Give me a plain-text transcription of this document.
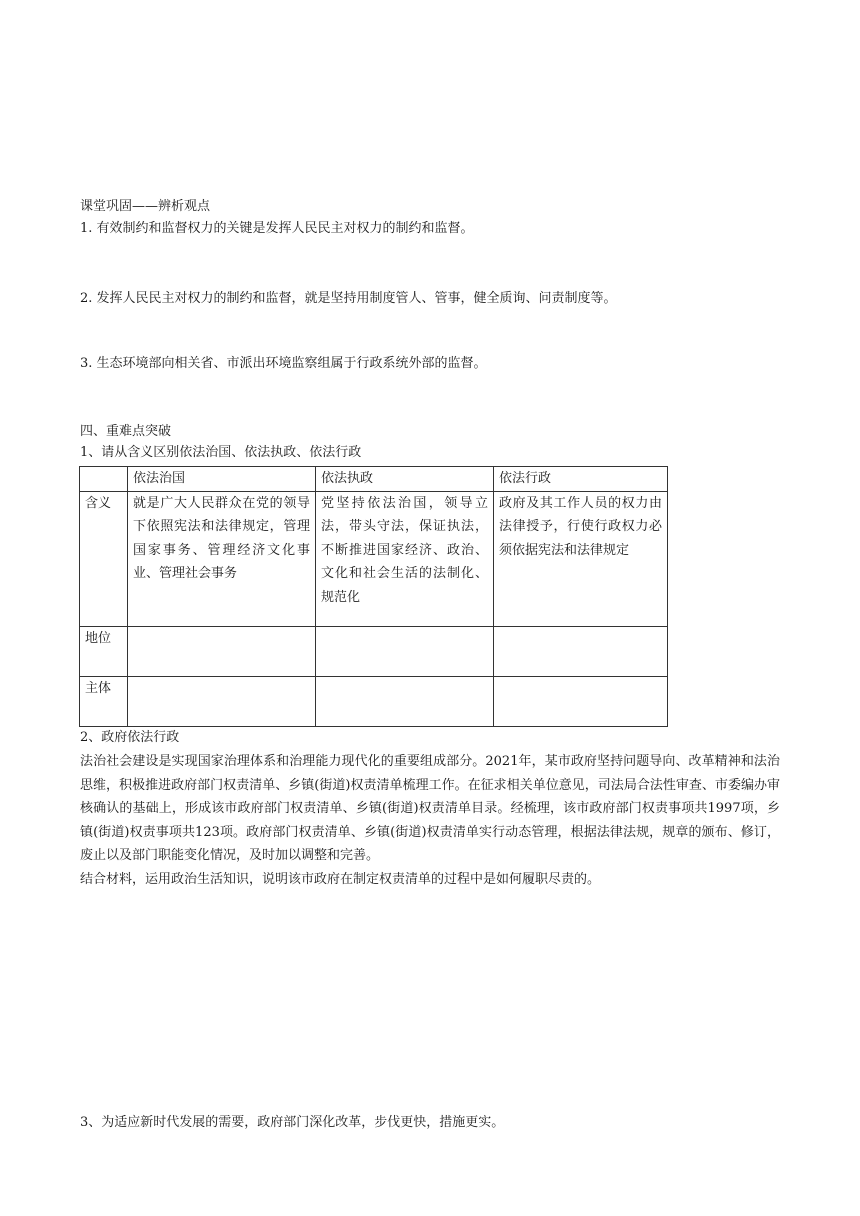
课堂巩固——辨析观点
1. 有效制约和监督权力的关键是发挥人民民主对权力的制约和监督。
2. 发挥人民民主对权力的制约和监督，就是坚持用制度管人、管事，健全质询、问责制度等。
3. 生态环境部向相关省、市派出环境监察组属于行政系统外部的监督。
四、重难点突破
1、请从含义区别依法治国、依法执政、依法行政
	依法治国	依法执政	依法行政
含义	就是广大人民群众在党的领导下依照宪法和法律规定，管理国家事务、管理经济文化事业、管理社会事务	党坚持依法治国，领导立法，带头守法，保证执法，不断推进国家经济、政治、文化和社会生活的法制化、规范化	政府及其工作人员的权力由法律授予，行使行政权力必须依据宪法和法律规定

地位			
主体			
2、政府依法行政
法治社会建设是实现国家治理体系和治理能力现代化的重要组成部分。2021年，某市政府坚持问题导向、改革精神和法治思维，积极推进政府部门权责清单、乡镇(街道)权责清单梳理工作。在征求相关单位意见，司法局合法性审查、市委编办审核确认的基础上，形成该市政府部门权责清单、乡镇(街道)权责清单目录。经梳理，该市政府部门权责事项共1997项，乡镇(街道)权责事项共123项。政府部门权责清单、乡镇(街道)权责清单实行动态管理，根据法律法规，规章的颁布、修订，废止以及部门职能变化情况，及时加以调整和完善。
结合材料，运用政治生活知识，说明该市政府在制定权责清单的过程中是如何履职尽责的。
3、为适应新时代发展的需要，政府部门深化改革，步伐更快，措施更实。
